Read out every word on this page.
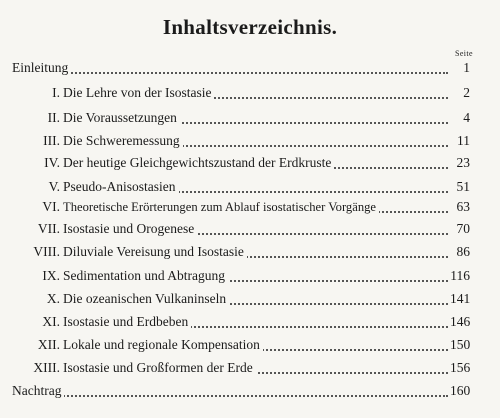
Inhaltsverzeichnis.
Seite
Einleitung	1
I. Die Lehre von der Isostasie	2
II. Die Voraussetzungen	4
III. Die Schweremessung	11
IV. Der heutige Gleichgewichtszustand der Erdkruste	23
V. Pseudo-Anisostasien	51
VI. Theoretische Erörterungen zum Ablauf isostatischer Vorgänge	63
VII. Isostasie und Orogenese	70
VIII. Diluviale Vereisung und Isostasie	86
IX. Sedimentation und Abtragung	116
X. Die ozeanischen Vulkaninseln	141
XI. Isostasie und Erdbeben	146
XII. Lokale und regionale Kompensation	150
XIII. Isostasie und Großformen der Erde	156
Nachtrag	160
